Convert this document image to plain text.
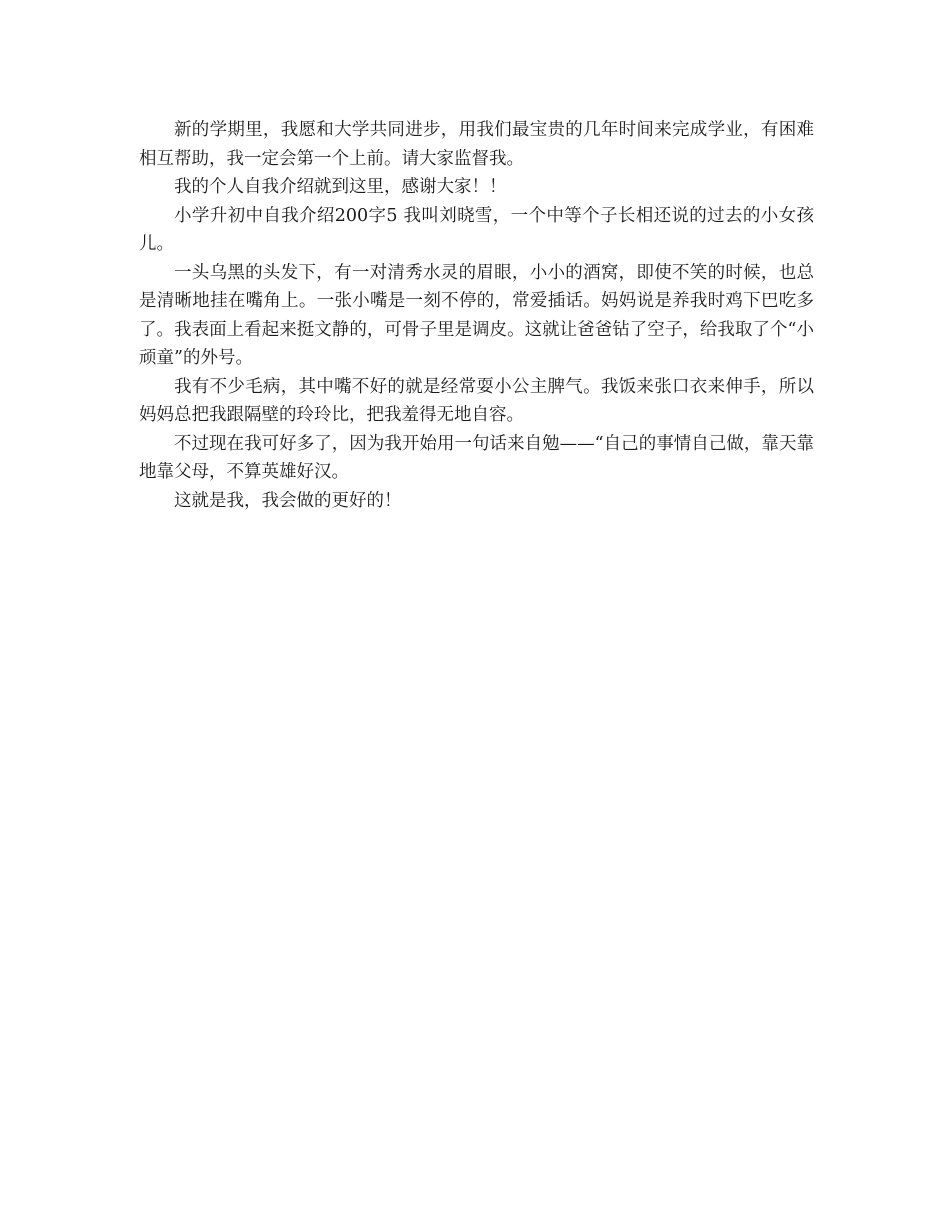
新的学期里，我愿和大学共同进步，用我们最宝贵的几年时间来完成学业，有困难相互帮助，我一定会第一个上前。请大家监督我。

我的个人自我介绍就到这里，感谢大家！！

小学升初中自我介绍200字5 我叫刘晓雪，一个中等个子长相还说的过去的小女孩儿。

一头乌黑的头发下，有一对清秀水灵的眉眼，小小的酒窝，即使不笑的时候，也总是清晰地挂在嘴角上。一张小嘴是一刻不停的，常爱插话。妈妈说是养我时鸡下巴吃多了。我表面上看起来挺文静的，可骨子里是调皮。这就让爸爸钻了空子，给我取了个“小顽童”的外号。

我有不少毛病，其中嘴不好的就是经常耍小公主脾气。我饭来张口衣来伸手，所以妈妈总把我跟隔壁的玲玲比，把我羞得无地自容。

不过现在我可好多了，因为我开始用一句话来自勉——“自己的事情自己做，靠天靠地靠父母，不算英雄好汉。

这就是我，我会做的更好的！
